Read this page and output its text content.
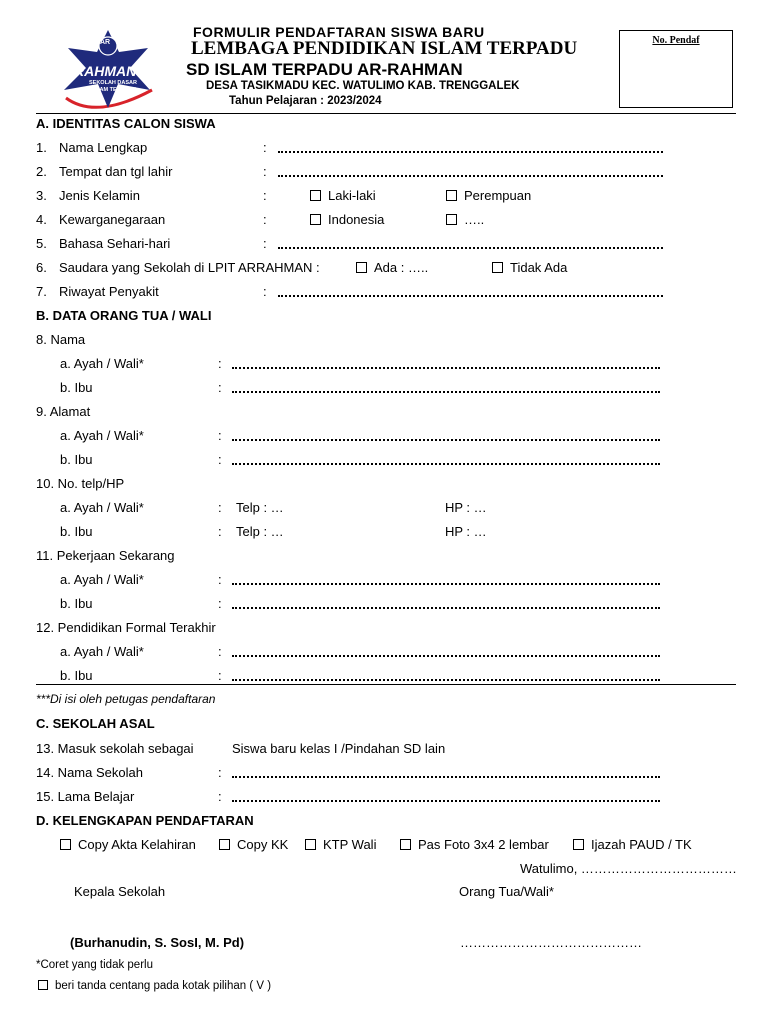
AR
RAHMAN
SEKOLAH DASAR
ISLAM TERPADU
FORMULIR PENDAFTARAN SISWA BARU
LEMBAGA PENDIDIKAN ISLAM TERPADU
SD ISLAM TERPADU AR-RAHMAN
DESA TASIKMADU KEC. WATULIMO KAB. TRENGGALEK
Tahun Pelajaran : 2023/2024
No. Pendaf
A. IDENTITAS CALON SISWA
1. Nama Lengkap	:
2. Tempat dan tgl lahir	:
3. Jenis Kelamin	:	Laki-laki	Perempuan
4. Kewarganegaraan	:	Indonesia	…..
5. Bahasa Sehari-hari	:
6. Saudara yang Sekolah di LPIT ARRAHMAN :	Ada : …..	Tidak Ada
7. Riwayat Penyakit	:
B. DATA ORANG TUA / WALI
8. Nama
a. Ayah / Wali*	:
b. Ibu	:
9. Alamat
a. Ayah / Wali*	:
b. Ibu	:
10. No. telp/HP
a. Ayah / Wali*	: Telp : …	HP : …
b. Ibu	: Telp : …	HP : …
11. Pekerjaan Sekarang
a. Ayah / Wali*	:
b. Ibu	:
12. Pendidikan Formal Terakhir
a. Ayah / Wali*	:
b. Ibu	:
***Di isi oleh petugas pendaftaran
C. SEKOLAH ASAL
13. Masuk sekolah sebagai	Siswa baru kelas I /Pindahan SD lain
14. Nama Sekolah	:
15. Lama Belajar	:
D. KELENGKAPAN PENDAFTARAN
Copy Akta Kelahiran	Copy KK	KTP Wali	Pas Foto 3x4 2 lembar	Ijazah PAUD / TK
Watulimo, ………………………………
Kepala Sekolah	Orang Tua/Wali*
(Burhanudin, S. SosI, M. Pd)	……………………………………
*Coret yang tidak perlu
beri tanda centang pada kotak pilihan ( V )
